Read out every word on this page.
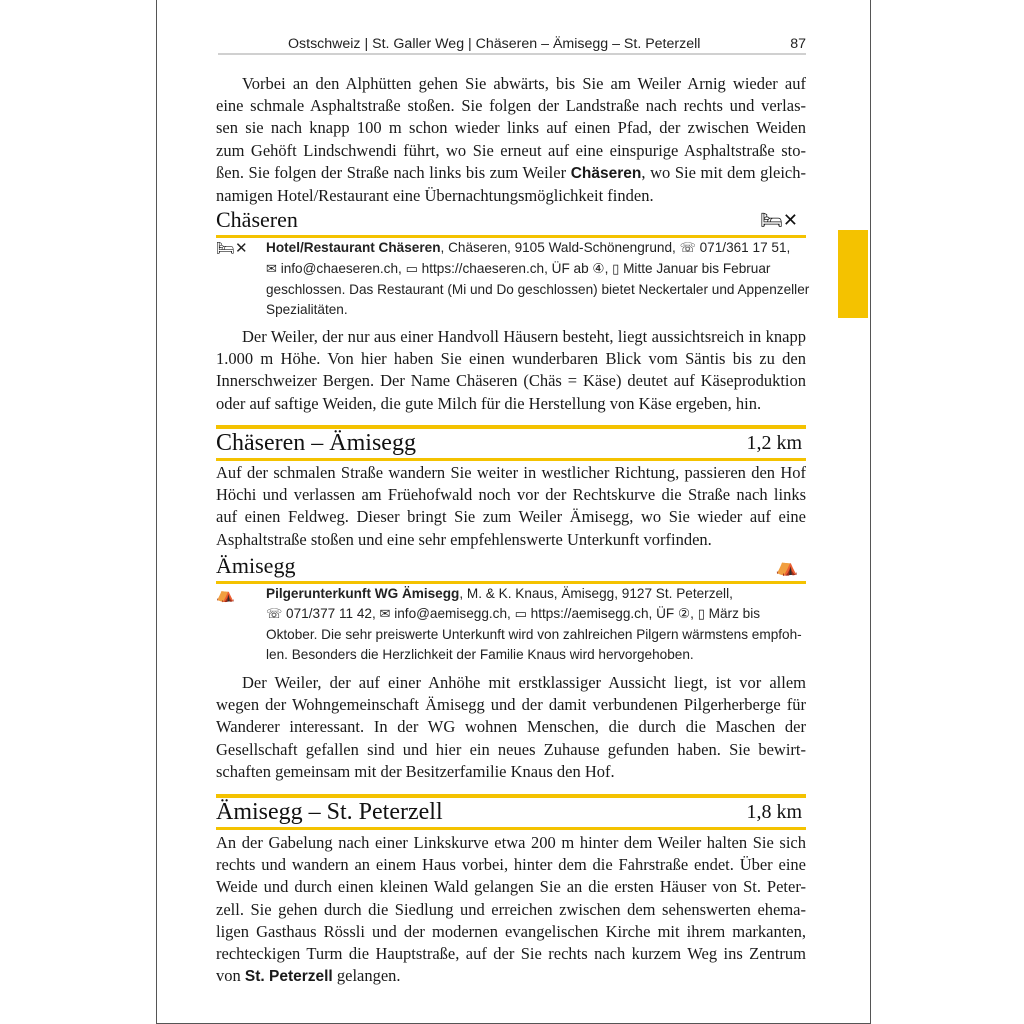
Ostschweiz | St. Galler Weg | Chäseren – Ämisegg – St. Peterzell	87
Vorbei an den Alphütten gehen Sie abwärts, bis Sie am Weiler Arnig wieder auf
eine schmale Asphaltstraße stoßen. Sie folgen der Landstraße nach rechts und verlas-
sen sie nach knapp 100 m schon wieder links auf einen Pfad, der zwischen Weiden
zum Gehöft Lindschwendi führt, wo Sie erneut auf eine einspurige Asphaltstraße sto-
ßen. Sie folgen der Straße nach links bis zum Weiler Chäseren, wo Sie mit dem gleich-
namigen Hotel/Restaurant eine Übernachtungsmöglichkeit finden.
Chäseren	🛏✕
🛏✕ Hotel/Restaurant Chäseren, Chäseren, 9105 Wald-Schönengrund, ☏ 071/361 17 51,
✉ info@chaeseren.ch, ▭ https://chaeseren.ch, ÜF ab ④, ▯ Mitte Januar bis Februar
geschlossen. Das Restaurant (Mi und Do geschlossen) bietet Neckertaler und Appenzeller
Spezialitäten.
Der Weiler, der nur aus einer Handvoll Häusern besteht, liegt aussichtsreich in knapp
1.000 m Höhe. Von hier haben Sie einen wunderbaren Blick vom Säntis bis zu den
Innerschweizer Bergen. Der Name Chäseren (Chäs = Käse) deutet auf Käseproduktion
oder auf saftige Weiden, die gute Milch für die Herstellung von Käse ergeben, hin.
Chäseren – Ämisegg	1,2 km
Auf der schmalen Straße wandern Sie weiter in westlicher Richtung, passieren den Hof
Höchi und verlassen am Früehofwald noch vor der Rechtskurve die Straße nach links
auf einen Feldweg. Dieser bringt Sie zum Weiler Ämisegg, wo Sie wieder auf eine
Asphaltstraße stoßen und eine sehr empfehlenswerte Unterkunft vorfinden.
Ämisegg	⛺
⛺ Pilgerunterkunft WG Ämisegg, M. & K. Knaus, Ämisegg, 9127 St. Peterzell,
☏ 071/377 11 42, ✉ info@aemisegg.ch, ▭ https://aemisegg.ch, ÜF ②, ▯ März bis
Oktober. Die sehr preiswerte Unterkunft wird von zahlreichen Pilgern wärmstens empfoh-
len. Besonders die Herzlichkeit der Familie Knaus wird hervorgehoben.
Der Weiler, der auf einer Anhöhe mit erstklassiger Aussicht liegt, ist vor allem
wegen der Wohngemeinschaft Ämisegg und der damit verbundenen Pilgerherberge für
Wanderer interessant. In der WG wohnen Menschen, die durch die Maschen der
Gesellschaft gefallen sind und hier ein neues Zuhause gefunden haben. Sie bewirt-
schaften gemeinsam mit der Besitzerfamilie Knaus den Hof.
Ämisegg – St. Peterzell	1,8 km
An der Gabelung nach einer Linkskurve etwa 200 m hinter dem Weiler halten Sie sich
rechts und wandern an einem Haus vorbei, hinter dem die Fahrstraße endet. Über eine
Weide und durch einen kleinen Wald gelangen Sie an die ersten Häuser von St. Peter-
zell. Sie gehen durch die Siedlung und erreichen zwischen dem sehenswerten ehema-
ligen Gasthaus Rössli und der modernen evangelischen Kirche mit ihrem markanten,
rechteckigen Turm die Hauptstraße, auf der Sie rechts nach kurzem Weg ins Zentrum
von St. Peterzell gelangen.
